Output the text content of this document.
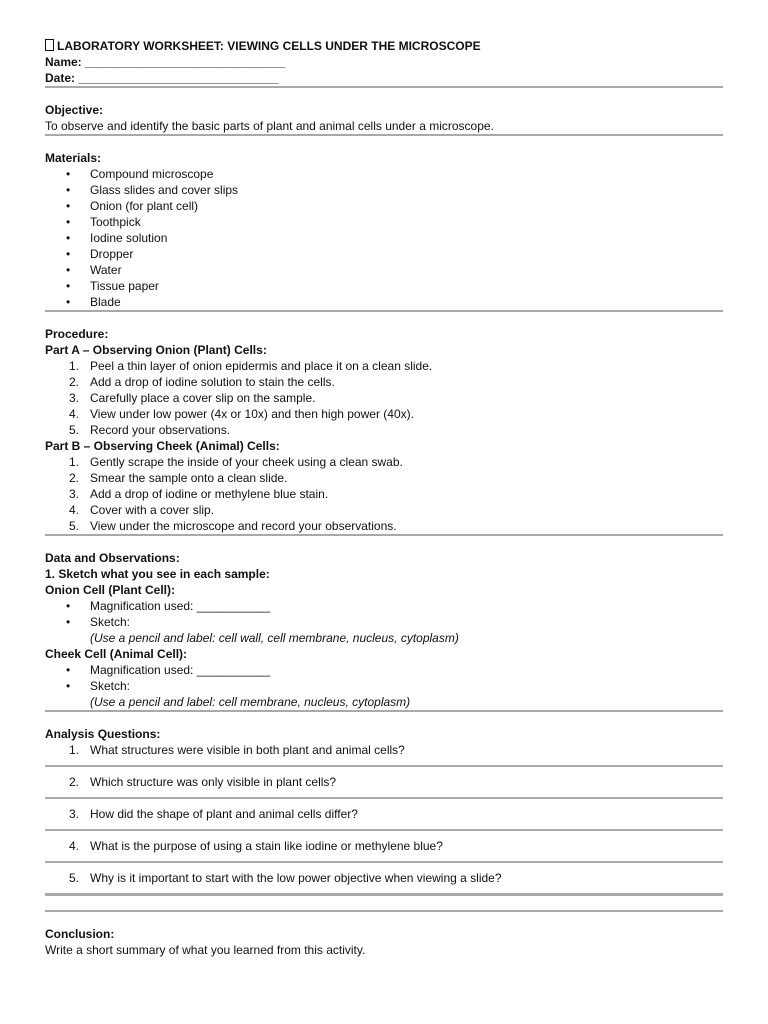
LABORATORY WORKSHEET: VIEWING CELLS UNDER THE MICROSCOPE
Name: ______________________________
Date: ______________________________
Objective:
To observe and identify the basic parts of plant and animal cells under a microscope.
Materials:
•	Compound microscope
•	Glass slides and cover slips
•	Onion (for plant cell)
•	Toothpick
•	Iodine solution
•	Dropper
•	Water
•	Tissue paper
•	Blade
Procedure:
Part A – Observing Onion (Plant) Cells:
1. Peel a thin layer of onion epidermis and place it on a clean slide.
2. Add a drop of iodine solution to stain the cells.
3. Carefully place a cover slip on the sample.
4. View under low power (4x or 10x) and then high power (40x).
5. Record your observations.
Part B – Observing Cheek (Animal) Cells:
1. Gently scrape the inside of your cheek using a clean swab.
2. Smear the sample onto a clean slide.
3. Add a drop of iodine or methylene blue stain.
4. Cover with a cover slip.
5. View under the microscope and record your observations.
Data and Observations:
1. Sketch what you see in each sample:
Onion Cell (Plant Cell):
•	Magnification used: ___________
•	Sketch:
(Use a pencil and label: cell wall, cell membrane, nucleus, cytoplasm)
Cheek Cell (Animal Cell):
•	Magnification used: ___________
•	Sketch:
(Use a pencil and label: cell membrane, nucleus, cytoplasm)
Analysis Questions:
1. What structures were visible in both plant and animal cells?
2. Which structure was only visible in plant cells?
3. How did the shape of plant and animal cells differ?
4. What is the purpose of using a stain like iodine or methylene blue?
5. Why is it important to start with the low power objective when viewing a slide?
Conclusion:
Write a short summary of what you learned from this activity.
